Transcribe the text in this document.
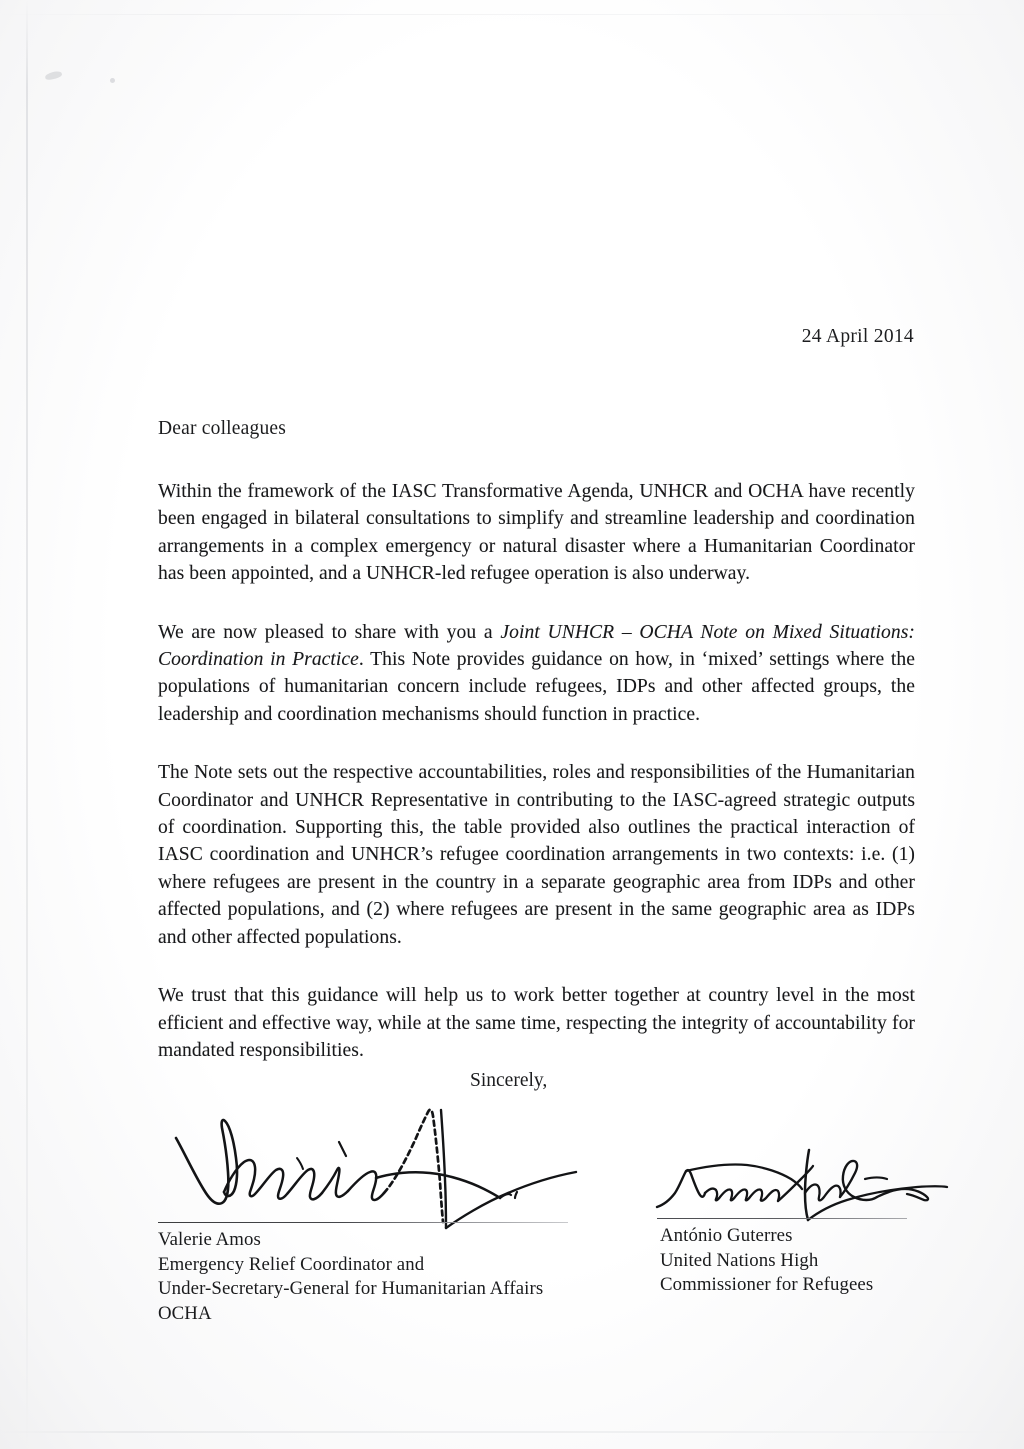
24 April 2014
Dear colleagues

Within the framework of the IASC Transformative Agenda, UNHCR and OCHA have recently been engaged in bilateral consultations to simplify and streamline leadership and coordination arrangements in a complex emergency or natural disaster where a Humanitarian Coordinator has been appointed, and a UNHCR-led refugee operation is also underway.

We are now pleased to share with you a Joint UNHCR – OCHA Note on Mixed Situations: Coordination in Practice. This Note provides guidance on how, in ‘mixed’ settings where the populations of humanitarian concern include refugees, IDPs and other affected groups, the leadership and coordination mechanisms should function in practice.

The Note sets out the respective accountabilities, roles and responsibilities of the Humanitarian Coordinator and UNHCR Representative in contributing to the IASC-agreed strategic outputs of coordination. Supporting this, the table provided also outlines the practical interaction of IASC coordination and UNHCR’s refugee coordination arrangements in two contexts: i.e. (1) where refugees are present in the country in a separate geographic area from IDPs and other affected populations, and (2) where refugees are present in the same geographic area as IDPs and other affected populations.

We trust that this guidance will help us to work better together at country level in the most efficient and effective way, while at the same time, respecting the integrity of accountability for mandated responsibilities.

Sincerely,
Valerie Amos
Emergency Relief Coordinator and
Under-Secretary-General for Humanitarian Affairs
OCHA
António Guterres
United Nations High
Commissioner for Refugees
